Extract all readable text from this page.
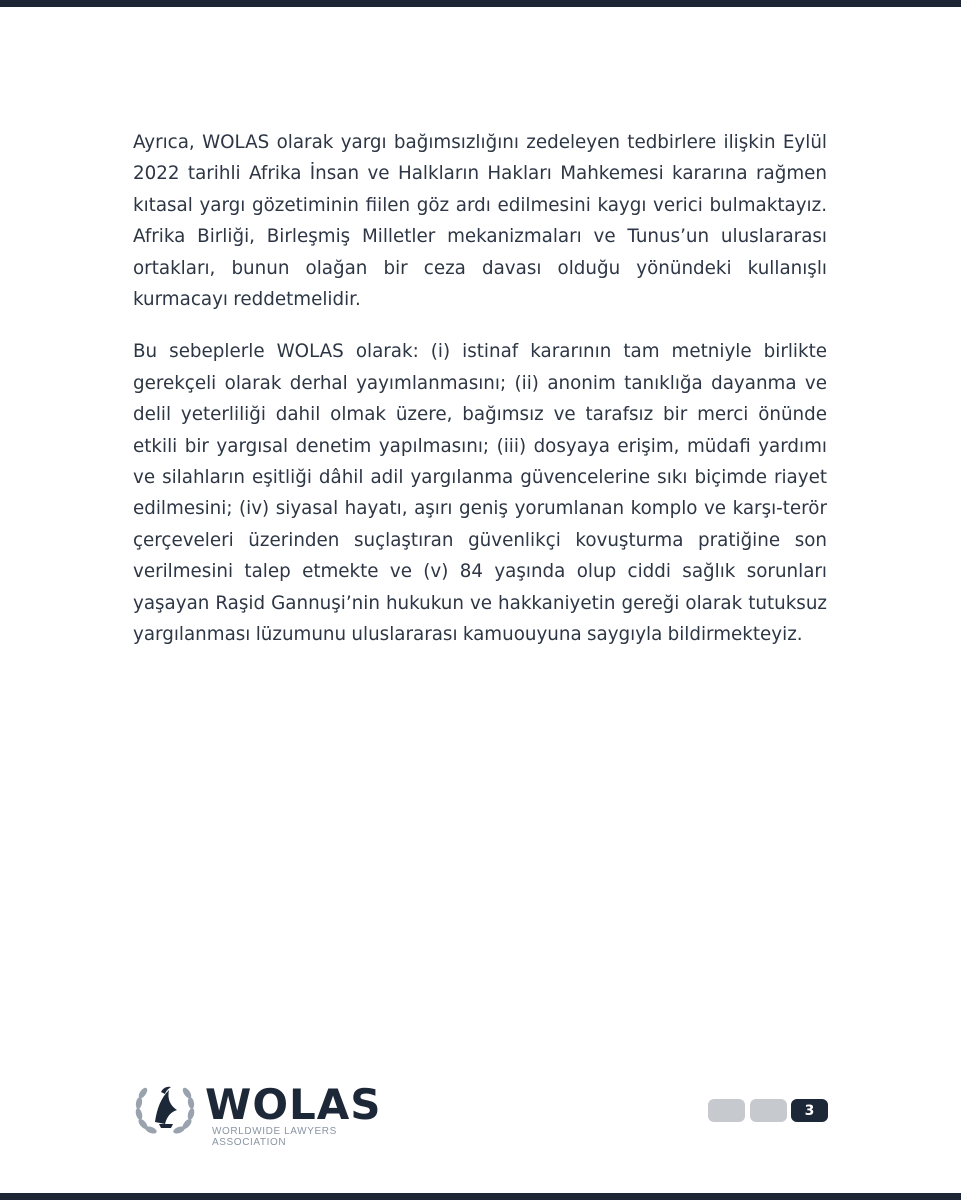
Ayrıca, WOLAS olarak yargı bağımsızlığını zedeleyen tedbirlere ilişkin Eylül 2022 tarihli Afrika İnsan ve Halkların Hakları Mahkemesi kararına rağmen kıtasal yargı gözetiminin fiilen göz ardı edilmesini kaygı verici bulmaktayız. Afrika Birliği, Birleşmiş Milletler mekanizmaları ve Tunus’un uluslararası ortakları, bunun olağan bir ceza davası olduğu yönündeki kullanışlı kurmacayı reddetmelidir.

Bu sebeplerle WOLAS olarak: (i) istinaf kararının tam metniyle birlikte gerekçeli olarak derhal yayımlanmasını; (ii) anonim tanıklığa dayanma ve delil yeterliliği dahil olmak üzere, bağımsız ve tarafsız bir merci önünde etkili bir yargısal denetim yapılmasını; (iii) dosyaya erişim, müdafi yardımı ve silahların eşitliği dâhil adil yargılanma güvencelerine sıkı biçimde riayet edilmesini; (iv) siyasal hayatı, aşırı geniş yorumlanan komplo ve karşı-terör çerçeveleri üzerinden suçlaştıran güvenlikçi kovuşturma pratiğine son verilmesini talep etmekte ve (v) 84 yaşında olup ciddi sağlık sorunları yaşayan Raşid Gannuşi’nin hukukun ve hakkaniyetin gereği olarak tutuksuz yargılanması lüzumunu uluslararası kamuouyuna saygıyla bildirmekteyiz.

WOLAS
WORLDWIDE LAWYERS ASSOCIATION
3
